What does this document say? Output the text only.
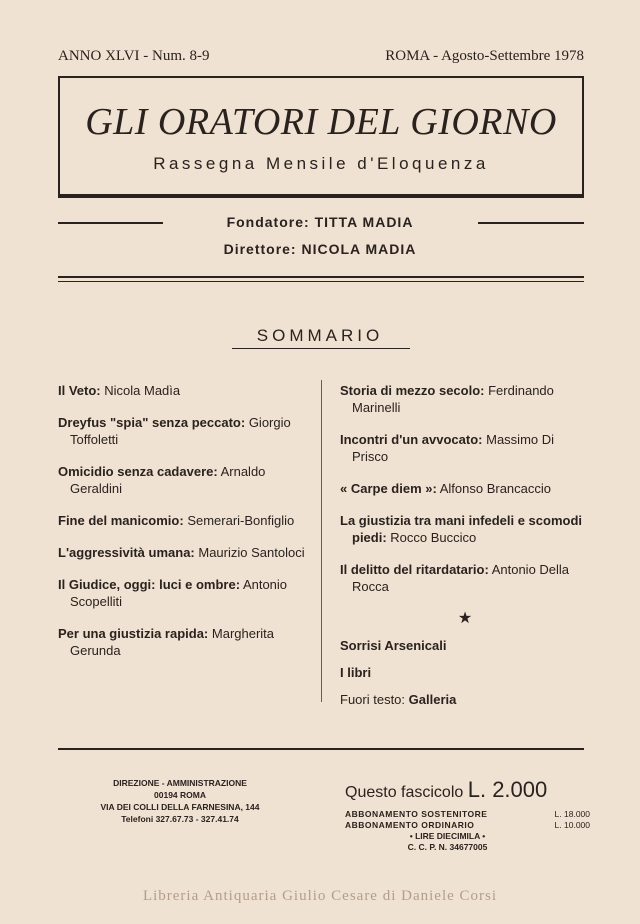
ANNO XLVI - Num. 8-9	ROMA - Agosto-Settembre 1978
GLI ORATORI DEL GIORNO
Rassegna Mensile d'Eloquenza
Fondatore: TITTA MADIA
Direttore: NICOLA MADIA
SOMMARIO
Il Veto: Nicola Madìa
Dreyfus "spia" senza peccato: Giorgio Toffoletti
Omicidio senza cadavere: Arnaldo Geraldini
Fine del manicomio: Semerari-Bonfiglio
L'aggressività umana: Maurizio Santoloci
Il Giudice, oggi: luci e ombre: Antonio Scopelliti
Per una giustizia rapida: Margherita Gerunda
Storia di mezzo secolo: Ferdinando Marinelli
Incontri d'un avvocato: Massimo Di Prisco
« Carpe diem »: Alfonso Brancaccio
La giustizia tra mani infedeli e scomodi piedi: Rocco Buccico
Il delitto del ritardatario: Antonio Della Rocca
★
Sorrisi Arsenicali
I libri
Fuori testo: Galleria
DIREZIONE - AMMINISTRAZIONE
00194 ROMA
VIA DEI COLLI DELLA FARNESINA, 144
Telefoni 327.67.73 - 327.41.74
Questo fascicolo L. 2.000
ABBONAMENTO SOSTENITORE	L. 18.000
ABBONAMENTO ORDINARIO	L. 10.000
• LIRE DIECIMILA •
C. C. P. N. 34677005
Libreria Antiquaria Giulio Cesare di Daniele Corsi
